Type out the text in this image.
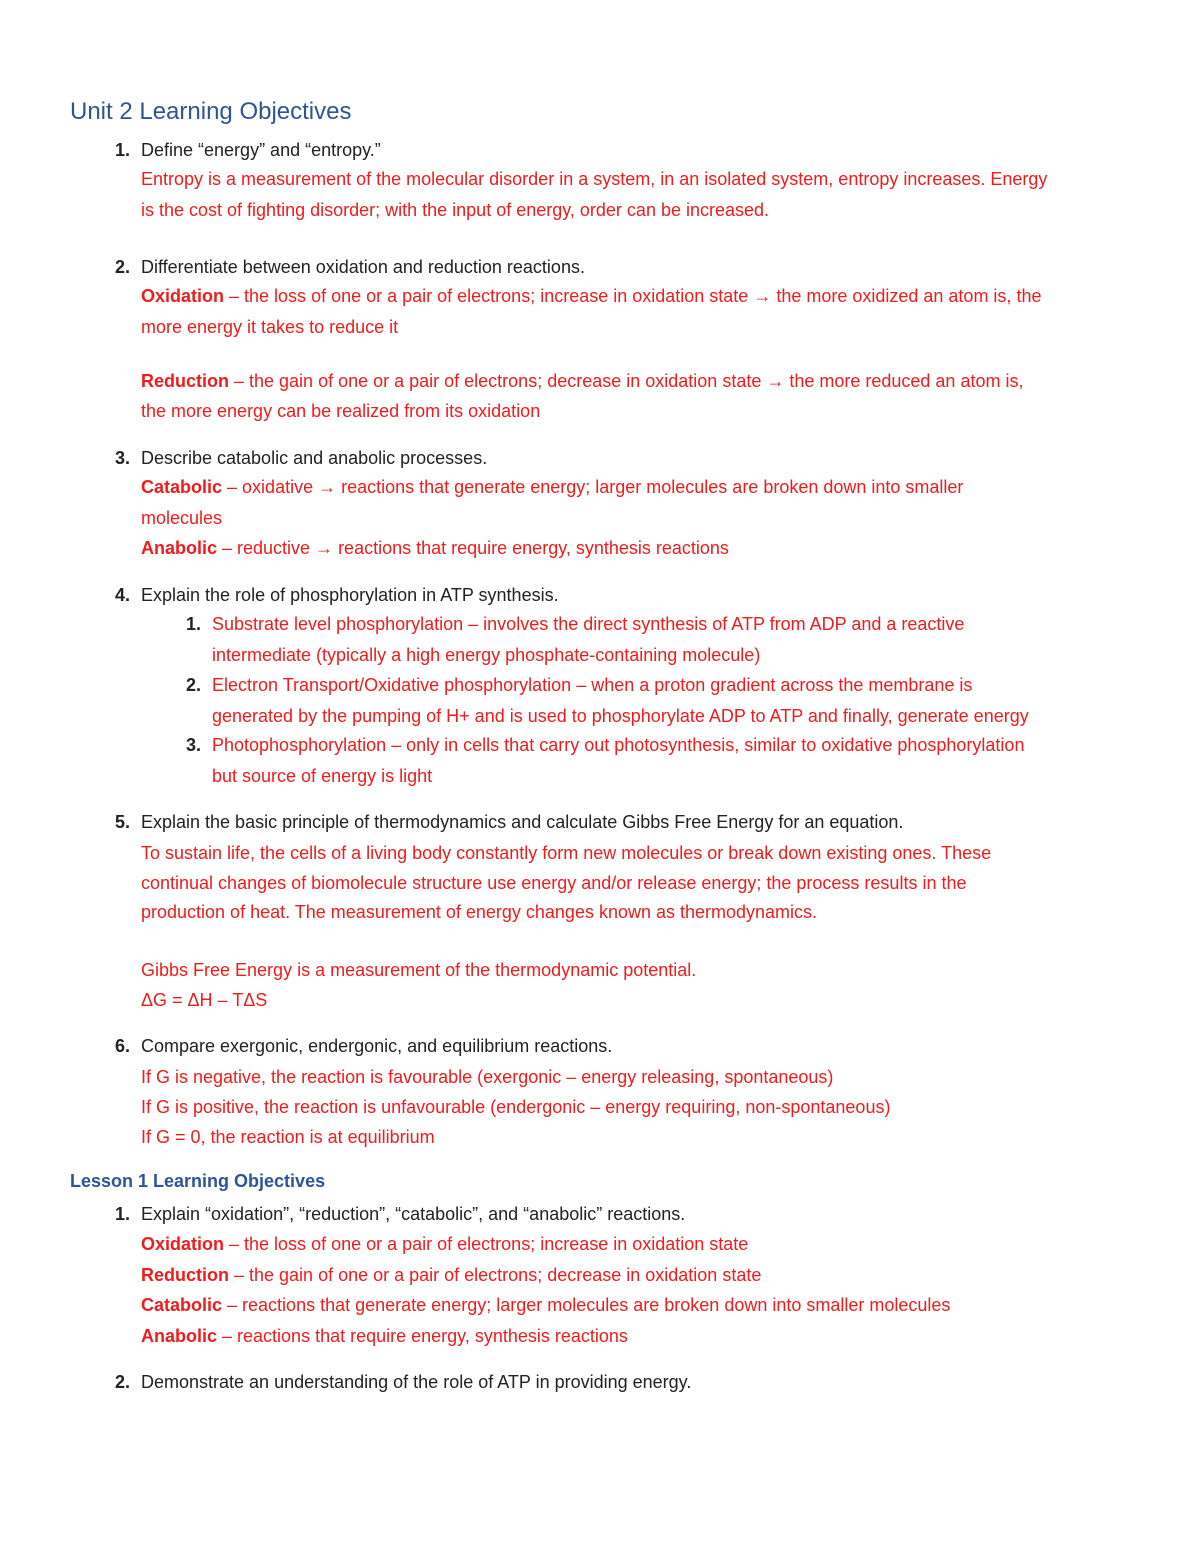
Unit 2 Learning Objectives
1. Define “energy” and “entropy.”
Entropy is a measurement of the molecular disorder in a system, in an isolated system, entropy increases. Energy
is the cost of fighting disorder; with the input of energy, order can be increased.
2. Differentiate between oxidation and reduction reactions.
Oxidation – the loss of one or a pair of electrons; increase in oxidation state → the more oxidized an atom is, the
more energy it takes to reduce it
Reduction – the gain of one or a pair of electrons; decrease in oxidation state → the more reduced an atom is,
the more energy can be realized from its oxidation
3. Describe catabolic and anabolic processes.
Catabolic – oxidative → reactions that generate energy; larger molecules are broken down into smaller
molecules
Anabolic – reductive → reactions that require energy, synthesis reactions
4. Explain the role of phosphorylation in ATP synthesis.
1. Substrate level phosphorylation – involves the direct synthesis of ATP from ADP and a reactive
intermediate (typically a high energy phosphate-containing molecule)
2. Electron Transport/Oxidative phosphorylation – when a proton gradient across the membrane is
generated by the pumping of H+ and is used to phosphorylate ADP to ATP and finally, generate energy
3. Photophosphorylation – only in cells that carry out photosynthesis, similar to oxidative phosphorylation
but source of energy is light
5. Explain the basic principle of thermodynamics and calculate Gibbs Free Energy for an equation.
To sustain life, the cells of a living body constantly form new molecules or break down existing ones. These
continual changes of biomolecule structure use energy and/or release energy; the process results in the
production of heat. The measurement of energy changes known as thermodynamics.
Gibbs Free Energy is a measurement of the thermodynamic potential.
ΔG = ΔH – TΔS
6. Compare exergonic, endergonic, and equilibrium reactions.
If G is negative, the reaction is favourable (exergonic – energy releasing, spontaneous)
If G is positive, the reaction is unfavourable (endergonic – energy requiring, non-spontaneous)
If G = 0, the reaction is at equilibrium
Lesson 1 Learning Objectives
1. Explain “oxidation”, “reduction”, “catabolic”, and “anabolic” reactions.
Oxidation – the loss of one or a pair of electrons; increase in oxidation state
Reduction – the gain of one or a pair of electrons; decrease in oxidation state
Catabolic – reactions that generate energy; larger molecules are broken down into smaller molecules
Anabolic – reactions that require energy, synthesis reactions
2. Demonstrate an understanding of the role of ATP in providing energy.
